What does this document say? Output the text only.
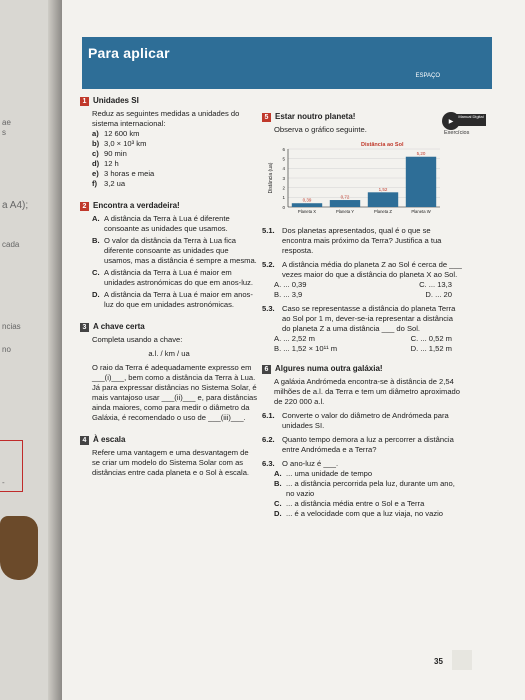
ae
s
a A4);
cada
ncias
no
-
Para aplicar
ESPAÇO
▶
Manual Digital
Exercícios
1 Unidades SI

Reduz as seguintes medidas a unidades do sistema internacional:

a) 12 600 km
b) 3,0 × 10³ km
c) 90 min
d) 12 h
e) 3 horas e meia
f) 3,2 ua
2 Encontra a verdadeira!
A. A distância da Terra à Lua é diferente consoante as unidades que usamos.
B. O valor da distância da Terra à Lua fica diferente consoante as unidades que usamos, mas a distância é sempre a mesma.
C. A distância da Terra à Lua é maior em unidades astronómicas do que em anos-luz.
D. A distância da Terra à Lua é maior em anos-luz do que em unidades astronómicas.
3 A chave certa

Completa usando a chave:

a.l. / km / ua

O raio da Terra é adequadamente expresso em ___(i)___, bem como a distância da Terra à Lua. Já para expressar distâncias no Sistema Solar, é mais vantajoso usar ___(ii)___ e, para distâncias ainda maiores, como para medir o diâmetro da Galáxia, é recomendado o uso de ___(iii)___.

4 À escala

Refere uma vantagem e uma desvantagem de se criar um modelo do Sistema Solar com as distâncias entre cada planeta e o Sol à escala.

5 Estar noutro planeta!

Observa o gráfico seguinte.

Distância ao Sol
Distância (ua)
0
1
2
3
4
5
6
0,39
Planeta X
0,72
Planeta Y
1,52
Planeta Z
5,20
Planeta W
5.1. Dos planetas apresentados, qual é o que se encontra mais próximo da Terra? Justifica a tua resposta.
5.2. A distância média do planeta Z ao Sol é cerca de ___ vezes maior do que a distância do planeta X ao Sol.
A. ... 0,39	C. ... 13,3
B. ... 3,9	D. ... 20
5.3. Caso se representasse a distância do planeta Terra ao Sol por 1 m, dever-se-ia representar a distância do planeta Z a uma distância ___ do Sol.
A. ... 2,52 m	C. ... 0,52 m
B. ... 1,52 × 10¹¹ m	D. ... 1,52 m
6 Algures numa outra galáxia!

A galáxia Andrómeda encontra-se à distância de 2,54 milhões de a.l. da Terra e tem um diâmetro aproximado de 220 000 a.l.

6.1. Converte o valor do diâmetro de Andrómeda para unidades SI.
6.2. Quanto tempo demora a luz a percorrer a distância entre Andrómeda e a Terra?
6.3. O ano-luz é ___.
A. ... uma unidade de tempo
B. ... a distância percorrida pela luz, durante um ano, no vazio
C. ... a distância média entre o Sol e a Terra
D. ... é a velocidade com que a luz viaja, no vazio
35
